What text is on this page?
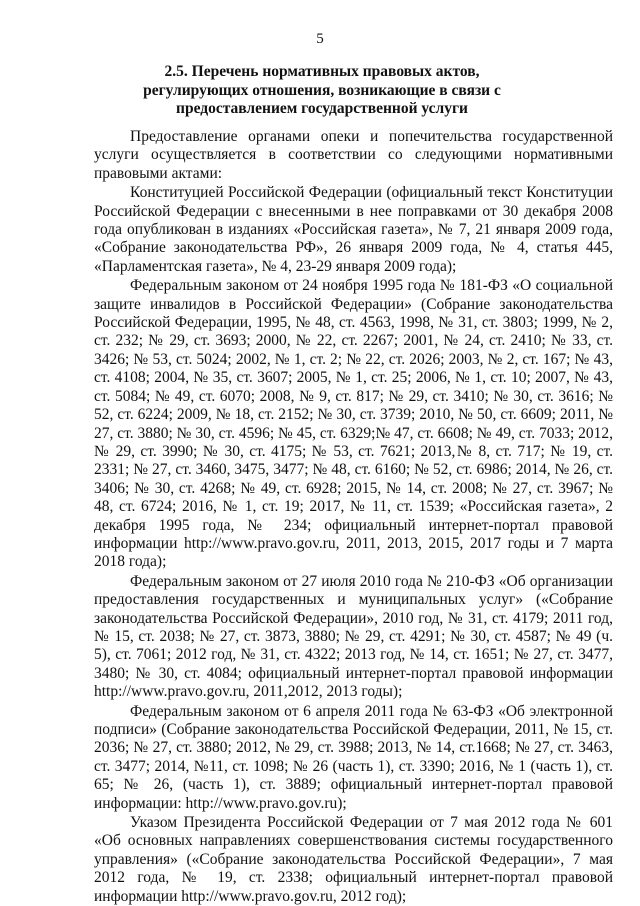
5
2.5. Перечень нормативных правовых актов, регулирующих отношения, возникающие в связи с предоставлением государственной услуги

Предоставление органами опеки и попечительства государственной услуги осуществляется в соответствии со следующими нормативными правовыми актами:

Конституцией Российской Федерации (официальный текст Конституции Российской Федерации с внесенными в нее поправками от 30 декабря 2008 года опубликован в изданиях «Российская газета», № 7, 21 января 2009 года, «Собрание законодательства РФ», 26 января 2009 года, № 4, статья 445, «Парламентская газета», № 4, 23-29 января 2009 года);

Федеральным законом от 24 ноября 1995 года № 181-ФЗ «О социальной защите инвалидов в Российской Федерации» (Собрание законодательства Российской Федерации, 1995, № 48, ст. 4563, 1998, № 31, ст. 3803; 1999, № 2, ст. 232; № 29, ст. 3693; 2000, № 22, ст. 2267; 2001, № 24, ст. 2410; № 33, ст. 3426; № 53, ст. 5024; 2002, № 1, ст. 2; № 22, ст. 2026; 2003, № 2, ст. 167; № 43, ст. 4108; 2004, № 35, ст. 3607; 2005, № 1, ст. 25; 2006, № 1, ст. 10; 2007, № 43, ст. 5084; № 49, ст. 6070; 2008, № 9, ст. 817; № 29, ст. 3410; № 30, ст. 3616; № 52, ст. 6224; 2009, № 18, ст. 2152; № 30, ст. 3739; 2010, № 50, ст. 6609; 2011, № 27, ст. 3880; № 30, ст. 4596; № 45, ст. 6329;№ 47, ст. 6608; № 49, ст. 7033; 2012, № 29, ст. 3990; № 30, ст. 4175; № 53, ст. 7621; 2013,№ 8, ст. 717; № 19, ст. 2331; № 27, ст. 3460, 3475, 3477; № 48, ст. 6160; № 52, ст. 6986; 2014, № 26, ст. 3406; № 30, ст. 4268; № 49, ст. 6928; 2015, № 14, ст. 2008; № 27, ст. 3967; № 48, ст. 6724; 2016, № 1, ст. 19; 2017, № 11, ст. 1539; «Российская газета», 2 декабря 1995 года, № 234; официальный интернет-портал правовой информации http://www.pravo.gov.ru, 2011, 2013, 2015, 2017 годы и 7 марта 2018 года);

Федеральным законом от 27 июля 2010 года № 210-ФЗ «Об организации предоставления государственных и муниципальных услуг» («Собрание законодательства Российской Федерации», 2010 год, № 31, ст. 4179; 2011 год, № 15, ст. 2038; № 27, ст. 3873, 3880; № 29, ст. 4291; № 30, ст. 4587; № 49 (ч. 5), ст. 7061; 2012 год, № 31, ст. 4322; 2013 год, № 14, ст. 1651; № 27, ст. 3477, 3480; № 30, ст. 4084; официальный интернет-портал правовой информации http://www.pravo.gov.ru, 2011,2012, 2013 годы);

Федеральным законом от 6 апреля 2011 года № 63-ФЗ «Об электронной подписи» (Собрание законодательства Российской Федерации, 2011, № 15, ст. 2036; № 27, ст. 3880; 2012, № 29, ст. 3988; 2013, № 14, ст.1668; № 27, ст. 3463, ст. 3477; 2014, №11, ст. 1098; № 26 (часть 1), ст. 3390; 2016, № 1 (часть 1), ст. 65; № 26, (часть 1), ст. 3889; официальный интернет-портал правовой информации: http://www.pravo.gov.ru);

Указом Президента Российской Федерации от 7 мая 2012 года № 601 «Об основных направлениях совершенствования системы государственного управления» («Собрание законодательства Российской Федерации», 7 мая 2012 года, № 19, ст. 2338; официальный интернет-портал правовой информации http://www.pravo.gov.ru, 2012 год);
